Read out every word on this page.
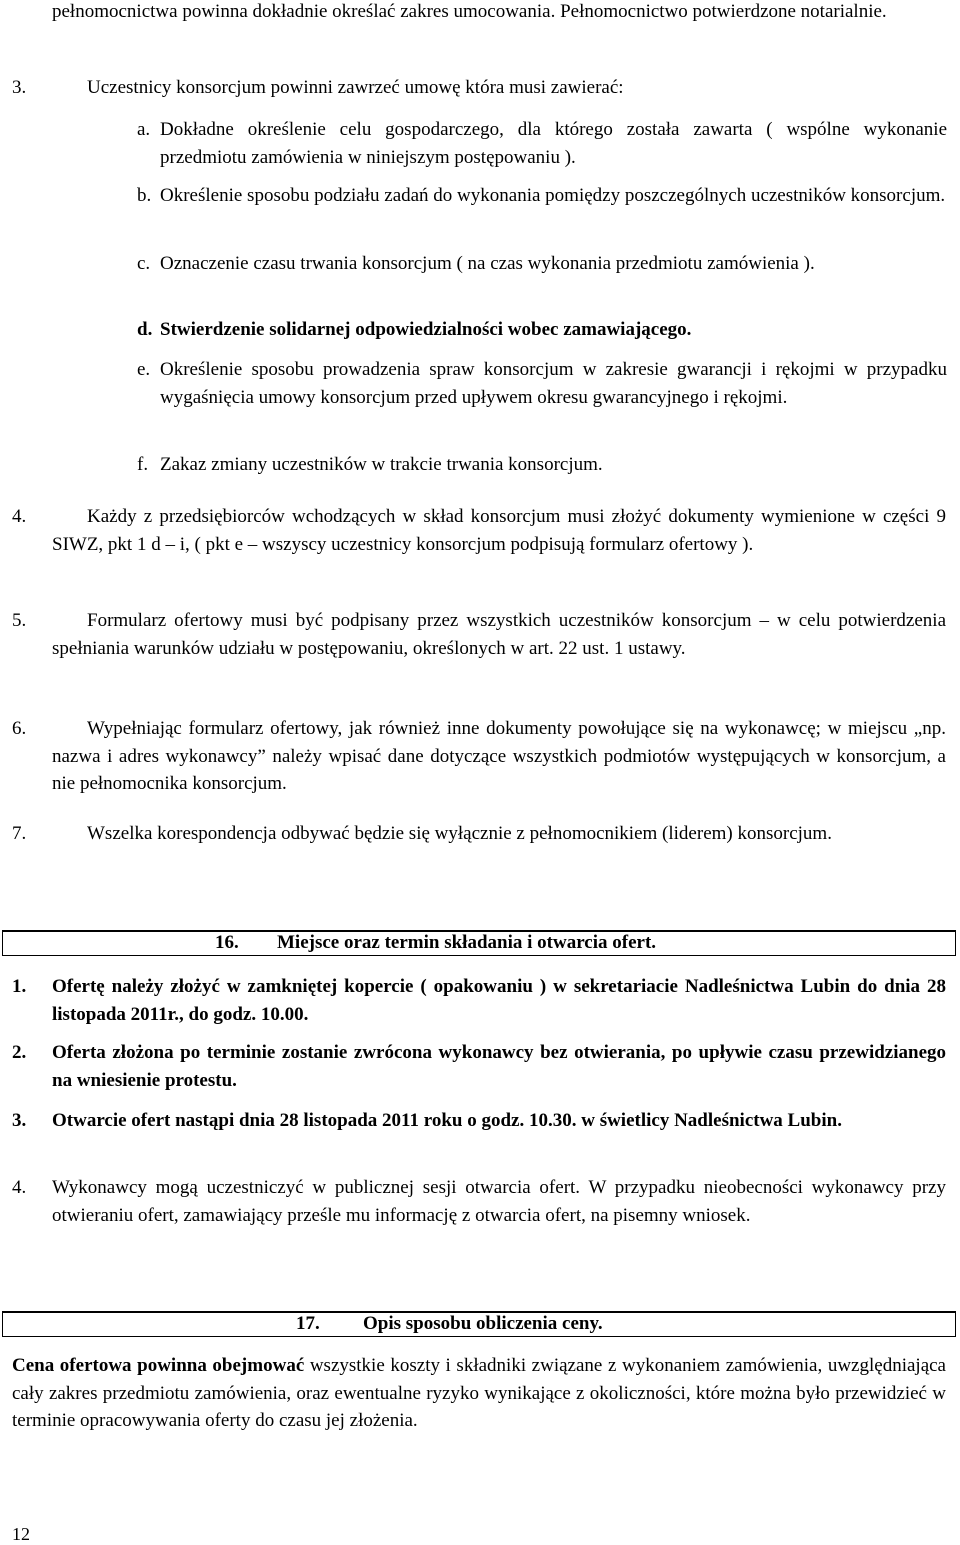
pełnomocnictwa powinna dokładnie określać zakres umocowania. Pełnomocnictwo potwierdzone notarialnie.

3.	Uczestnicy konsorcjum powinni zawrzeć umowę która musi zawierać:

a. Dokładne określenie celu gospodarczego, dla którego została zawarta ( wspólne wykonanie przedmiotu zamówienia w niniejszym postępowaniu ).

b. Określenie sposobu podziału zadań do wykonania pomiędzy poszczególnych uczestników konsorcjum.

c. Oznaczenie czasu trwania konsorcjum ( na czas wykonania przedmiotu zamówienia ).

d. Stwierdzenie solidarnej odpowiedzialności wobec zamawiającego.

e. Określenie sposobu prowadzenia spraw konsorcjum w zakresie gwarancji i rękojmi w przypadku wygaśnięcia umowy konsorcjum przed upływem okresu gwarancyjnego i rękojmi.

f. Zakaz zmiany uczestników w trakcie trwania konsorcjum.

4.	Każdy z przedsiębiorców wchodzących w skład konsorcjum musi złożyć dokumenty wymienione w części 9 SIWZ, pkt 1 d – i, ( pkt e – wszyscy uczestnicy konsorcjum podpisują formularz ofertowy ).

5.	Formularz ofertowy musi być podpisany przez wszystkich uczestników konsorcjum – w celu potwierdzenia spełniania warunków udziału w postępowaniu, określonych w art. 22 ust. 1 ustawy.

6.	Wypełniając formularz ofertowy, jak również inne dokumenty powołujące się na wykonawcę; w miejscu „np. nazwa i adres wykonawcy” należy wpisać dane dotyczące wszystkich podmiotów występujących w konsorcjum, a nie pełnomocnika konsorcjum.

7.	Wszelka korespondencja odbywać będzie się wyłącznie z pełnomocnikiem (liderem) konsorcjum.

16. Miejsce oraz termin składania i otwarcia ofert.

1. Ofertę należy złożyć w zamkniętej kopercie ( opakowaniu ) w sekretariacie Nadleśnictwa Lubin do dnia 28 listopada 2011r., do godz. 10.00.

2. Oferta złożona po terminie zostanie zwrócona wykonawcy bez otwierania, po upływie czasu przewidzianego na wniesienie protestu.

3. Otwarcie ofert nastąpi dnia 28 listopada 2011 roku o godz. 10.30. w świetlicy Nadleśnictwa Lubin.

4. Wykonawcy mogą uczestniczyć w publicznej sesji otwarcia ofert. W przypadku nieobecności wykonawcy przy otwieraniu ofert, zamawiający prześle mu informację z otwarcia ofert, na pisemny wniosek.

17. Opis sposobu obliczenia ceny.

Cena ofertowa powinna obejmować wszystkie koszty i składniki związane z wykonaniem zamówienia, uwzględniająca cały zakres przedmiotu zamówienia, oraz ewentualne ryzyko wynikające z okoliczności, które można było przewidzieć w terminie opracowywania oferty do czasu jej złożenia.

12
